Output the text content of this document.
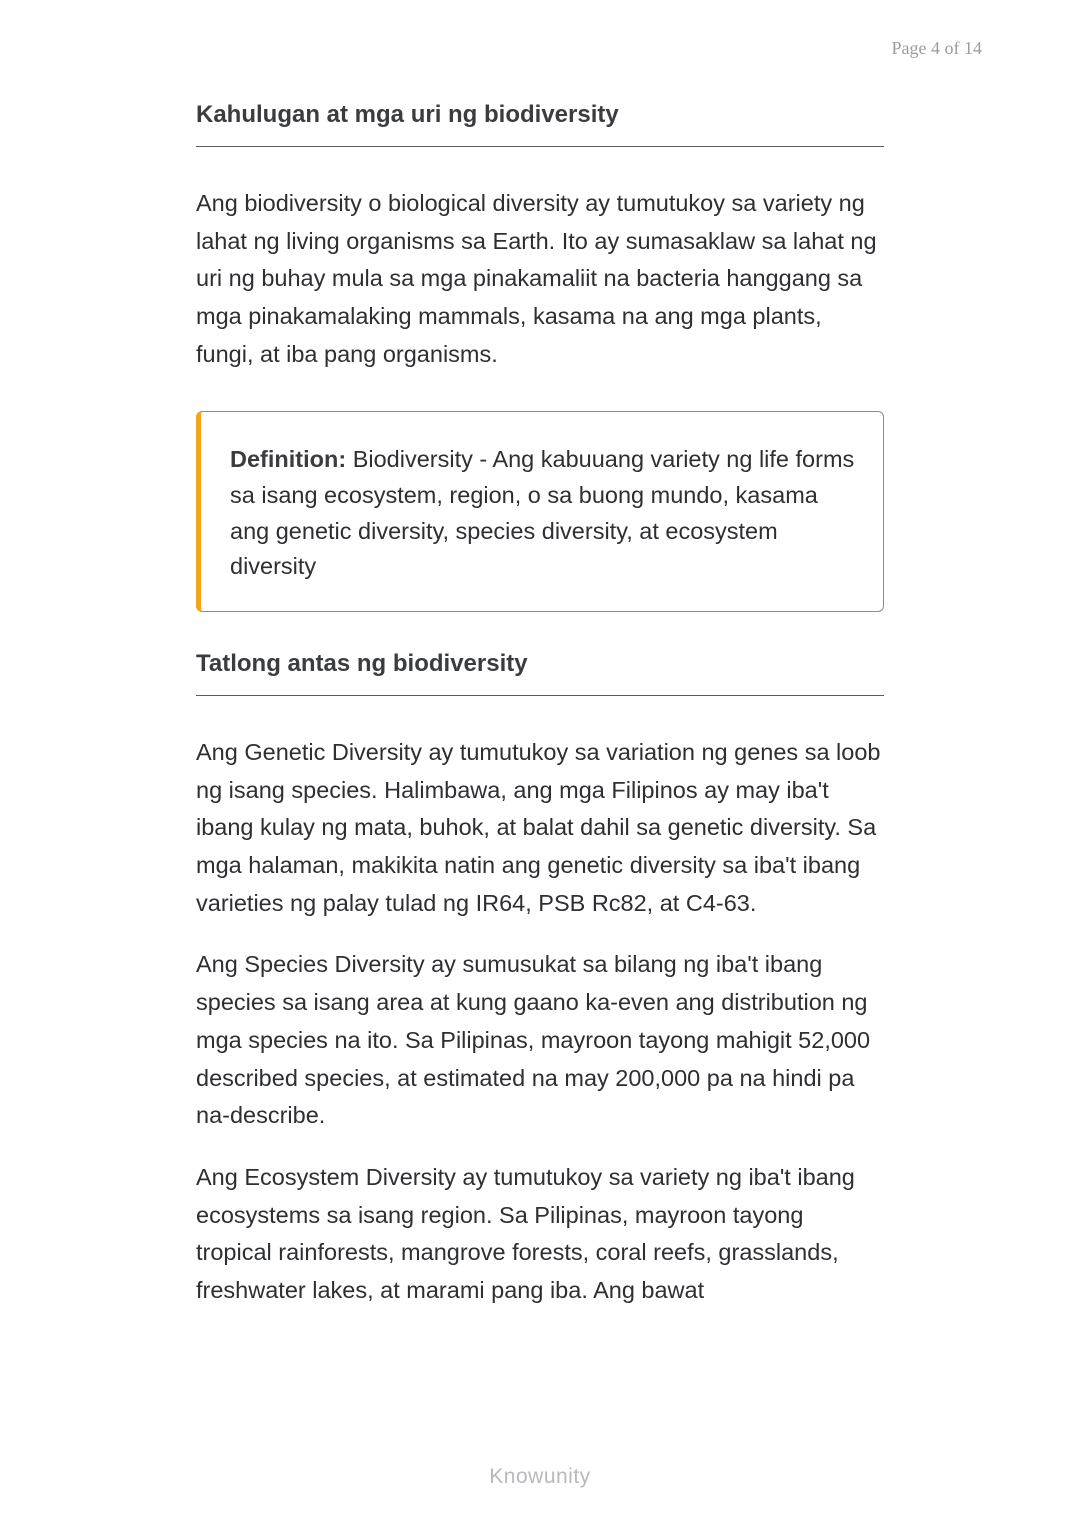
Page 4 of 14
Kahulugan at mga uri ng biodiversity

Ang biodiversity o biological diversity ay tumutukoy sa variety ng lahat ng living organisms sa Earth. Ito ay sumasaklaw sa lahat ng uri ng buhay mula sa mga pinakamaliit na bacteria hanggang sa mga pinakamalaking mammals, kasama na ang mga plants, fungi, at iba pang organisms.

Definition: Biodiversity - Ang kabuuang variety ng life forms sa isang ecosystem, region, o sa buong mundo, kasama ang genetic diversity, species diversity, at ecosystem diversity
Tatlong antas ng biodiversity

Ang Genetic Diversity ay tumutukoy sa variation ng genes sa loob ng isang species. Halimbawa, ang mga Filipinos ay may iba't ibang kulay ng mata, buhok, at balat dahil sa genetic diversity. Sa mga halaman, makikita natin ang genetic diversity sa iba't ibang varieties ng palay tulad ng IR64, PSB Rc82, at C4-63.

Ang Species Diversity ay sumusukat sa bilang ng iba't ibang species sa isang area at kung gaano ka-even ang distribution ng mga species na ito. Sa Pilipinas, mayroon tayong mahigit 52,000 described species, at estimated na may 200,000 pa na hindi pa na-describe.

Ang Ecosystem Diversity ay tumutukoy sa variety ng iba't ibang ecosystems sa isang region. Sa Pilipinas, mayroon tayong tropical rainforests, mangrove forests, coral reefs, grasslands, freshwater lakes, at marami pang iba. Ang bawat

Knowunity
